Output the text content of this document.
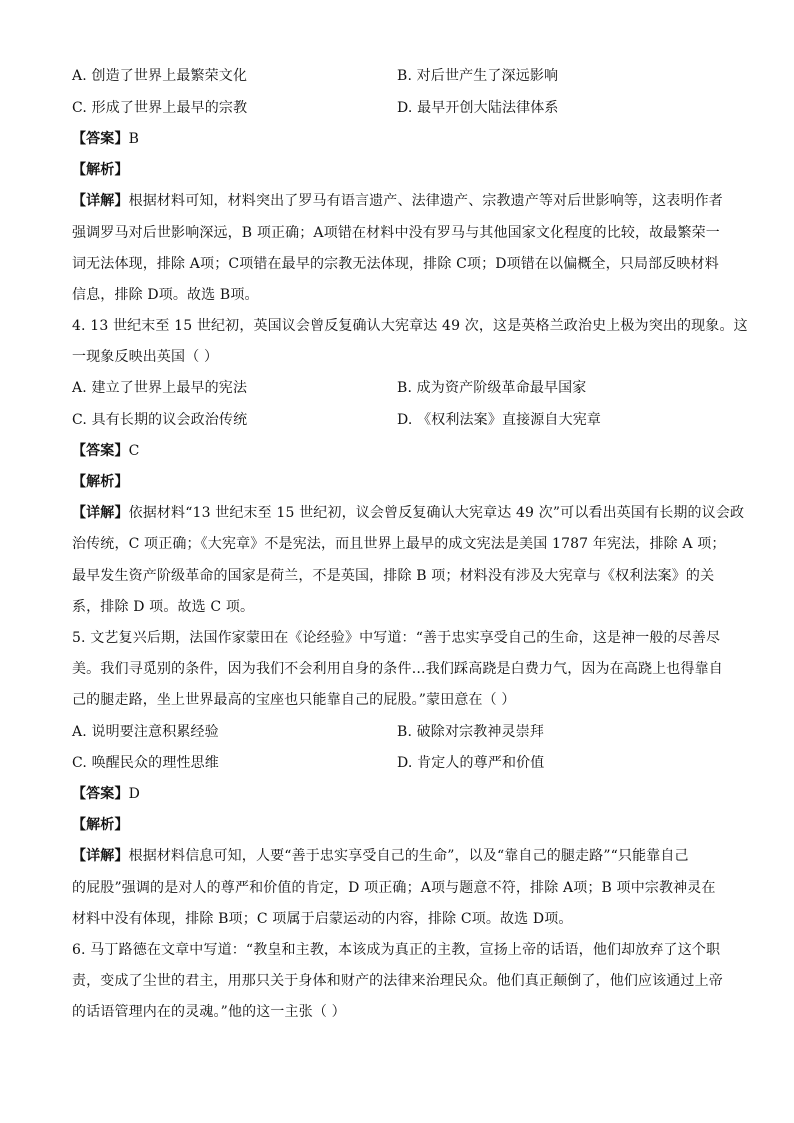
A. 创造了世界上最繁荣文化	B. 对后世产生了深远影响
C. 形成了世界上最早的宗教	D. 最早开创大陆法律体系
【答案】B
【解析】
【详解】根据材料可知，材料突出了罗马有语言遗产、法律遗产、宗教遗产等对后世影响等，这表明作者
强调罗马对后世影响深远，B 项正确；A项错在材料中没有罗马与其他国家文化程度的比较，故最繁荣一
词无法体现，排除 A项；C项错在最早的宗教无法体现，排除 C项；D项错在以偏概全，只局部反映材料
信息，排除 D项。故选 B项。
4. 13 世纪末至 15 世纪初，英国议会曾反复确认大宪章达 49 次，这是英格兰政治史上极为突出的现象。这
一现象反映出英国（ ）
A. 建立了世界上最早的宪法	B. 成为资产阶级革命最早国家
C. 具有长期的议会政治传统	D. 《权利法案》直接源自大宪章
【答案】C
【解析】
【详解】依据材料“13 世纪末至 15 世纪初，议会曾反复确认大宪章达 49 次”可以看出英国有长期的议会政
治传统，C 项正确；《大宪章》不是宪法，而且世界上最早的成文宪法是美国 1787 年宪法，排除 A 项；
最早发生资产阶级革命的国家是荷兰，不是英国，排除 B 项；材料没有涉及大宪章与《权利法案》的关
系，排除 D 项。故选 C 项。
5. 文艺复兴后期，法国作家蒙田在《论经验》中写道：“善于忠实享受自己的生命，这是神一般的尽善尽
美。我们寻觅别的条件，因为我们不会利用自身的条件…我们踩高跷是白费力气，因为在高跷上也得靠自
己的腿走路，坐上世界最高的宝座也只能靠自己的屁股。”蒙田意在（ ）
A. 说明要注意积累经验	B. 破除对宗教神灵崇拜
C. 唤醒民众的理性思维	D. 肯定人的尊严和价值
【答案】D
【解析】
【详解】根据材料信息可知，人要“善于忠实享受自己的生命”，以及“靠自己的腿走路”“只能靠自己
的屁股”强调的是对人的尊严和价值的肯定，D 项正确；A项与题意不符，排除 A项；B 项中宗教神灵在
材料中没有体现，排除 B项；C 项属于启蒙运动的内容，排除 C项。故选 D项。
6. 马丁路德在文章中写道：“教皇和主教，本该成为真正的主教，宣扬上帝的话语，他们却放弃了这个职
责，变成了尘世的君主，用那只关于身体和财产的法律来治理民众。他们真正颠倒了，他们应该通过上帝
的话语管理内在的灵魂。”他的这一主张（ ）
